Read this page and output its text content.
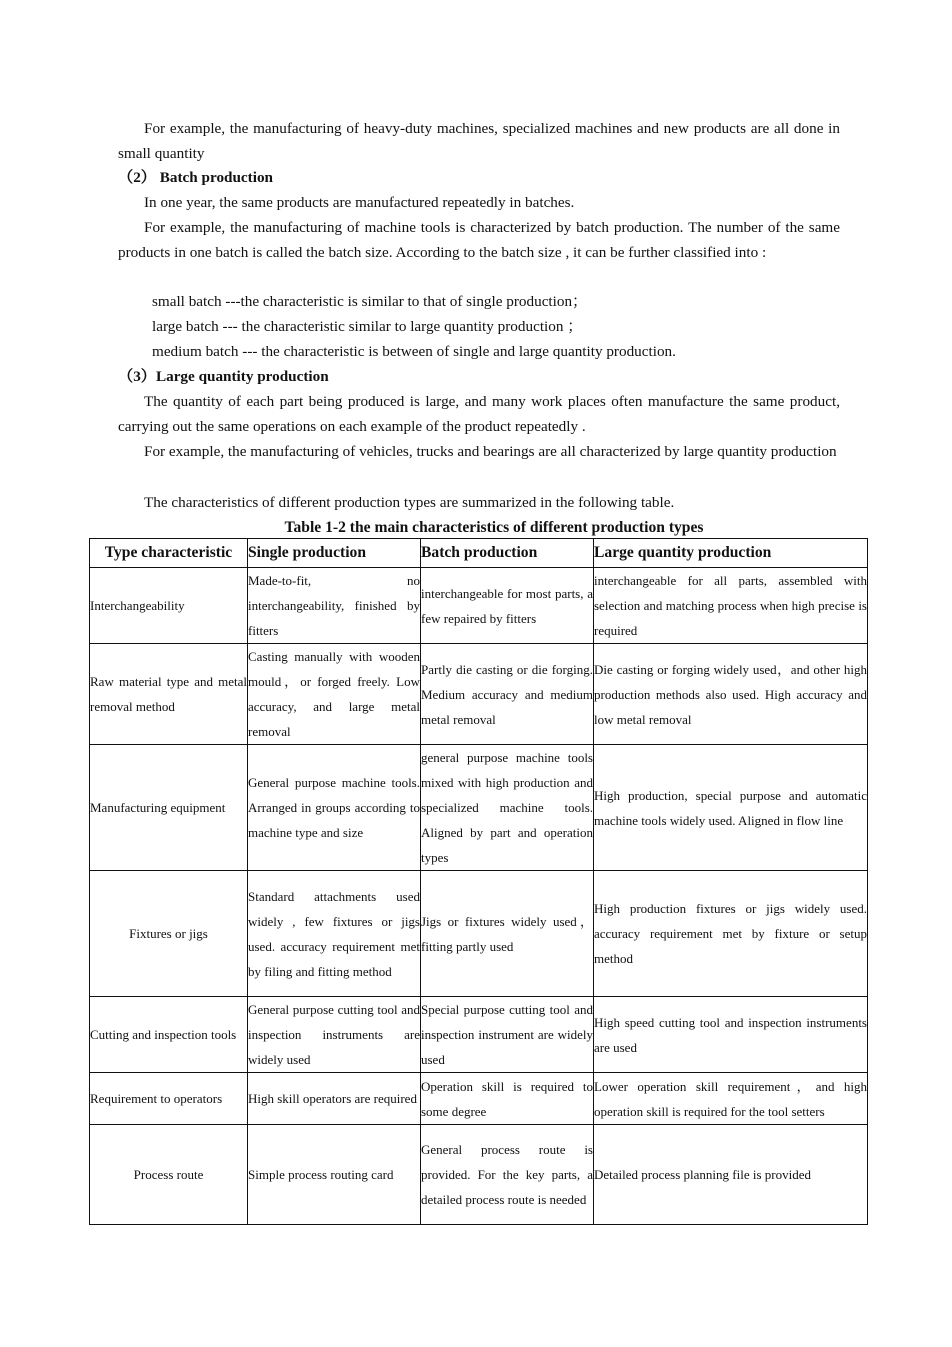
For example, the manufacturing of heavy-duty machines, specialized machines and new products are all done in small quantity

（2） Batch production
In one year, the same products are manufactured repeatedly in batches.

For example, the manufacturing of machine tools is characterized by batch production. The number of the same products in one batch is called the batch size. According to the batch size , it can be further classified into :

small batch ---the characteristic is similar to that of single production；
large batch --- the characteristic similar to large quantity production ；
medium batch --- the characteristic is between of single and large quantity production.
（3）Large quantity production

The quantity of each part being produced is large, and many work places often manufacture the same product, carrying out the same operations on each example of the product repeatedly .

For example, the manufacturing of vehicles, trucks and bearings are all characterized by large quantity production

The characteristics of different production types are summarized in the following table.
Table 1-2 the main characteristics of different production types
Type characteristic	Single production	Batch production	Large quantity production
Interchangeability	Made-to-fit, no interchangeability, finished by fitters	interchangeable for most parts, a few repaired by fitters	interchangeable for all parts, assembled with selection and matching process when high precise is required
Raw material type and metal removal method	Casting manually with wooden mould，or forged freely. Low accuracy, and large metal removal	Partly die casting or die forging. Medium accuracy and medium metal removal	Die casting or forging widely used，and other high production methods also used. High accuracy and low metal removal
Manufacturing equipment	General purpose machine tools. Arranged in groups according to machine type and size	general purpose machine tools mixed with high production and specialized machine tools. Aligned by part and operation types	High production, special purpose and automatic machine tools widely used. Aligned in flow line
Fixtures or jigs	Standard attachments used widely , few fixtures or jigs used. accuracy requirement met by filing and fitting method	Jigs or fixtures widely used，fitting partly used	High production fixtures or jigs widely used. accuracy requirement met by fixture or setup method
Cutting and inspection tools	General purpose cutting tool and inspection instruments are widely used	Special purpose cutting tool and inspection instrument are widely used	High speed cutting tool and inspection instruments are used
Requirement to operators	High skill operators are required	Operation skill is required to some degree	Lower operation skill requirement，and high operation skill is required for the tool setters
Process route	Simple process routing card	General process route is provided. For the key parts, a detailed process route is needed	Detailed process planning file is provided
